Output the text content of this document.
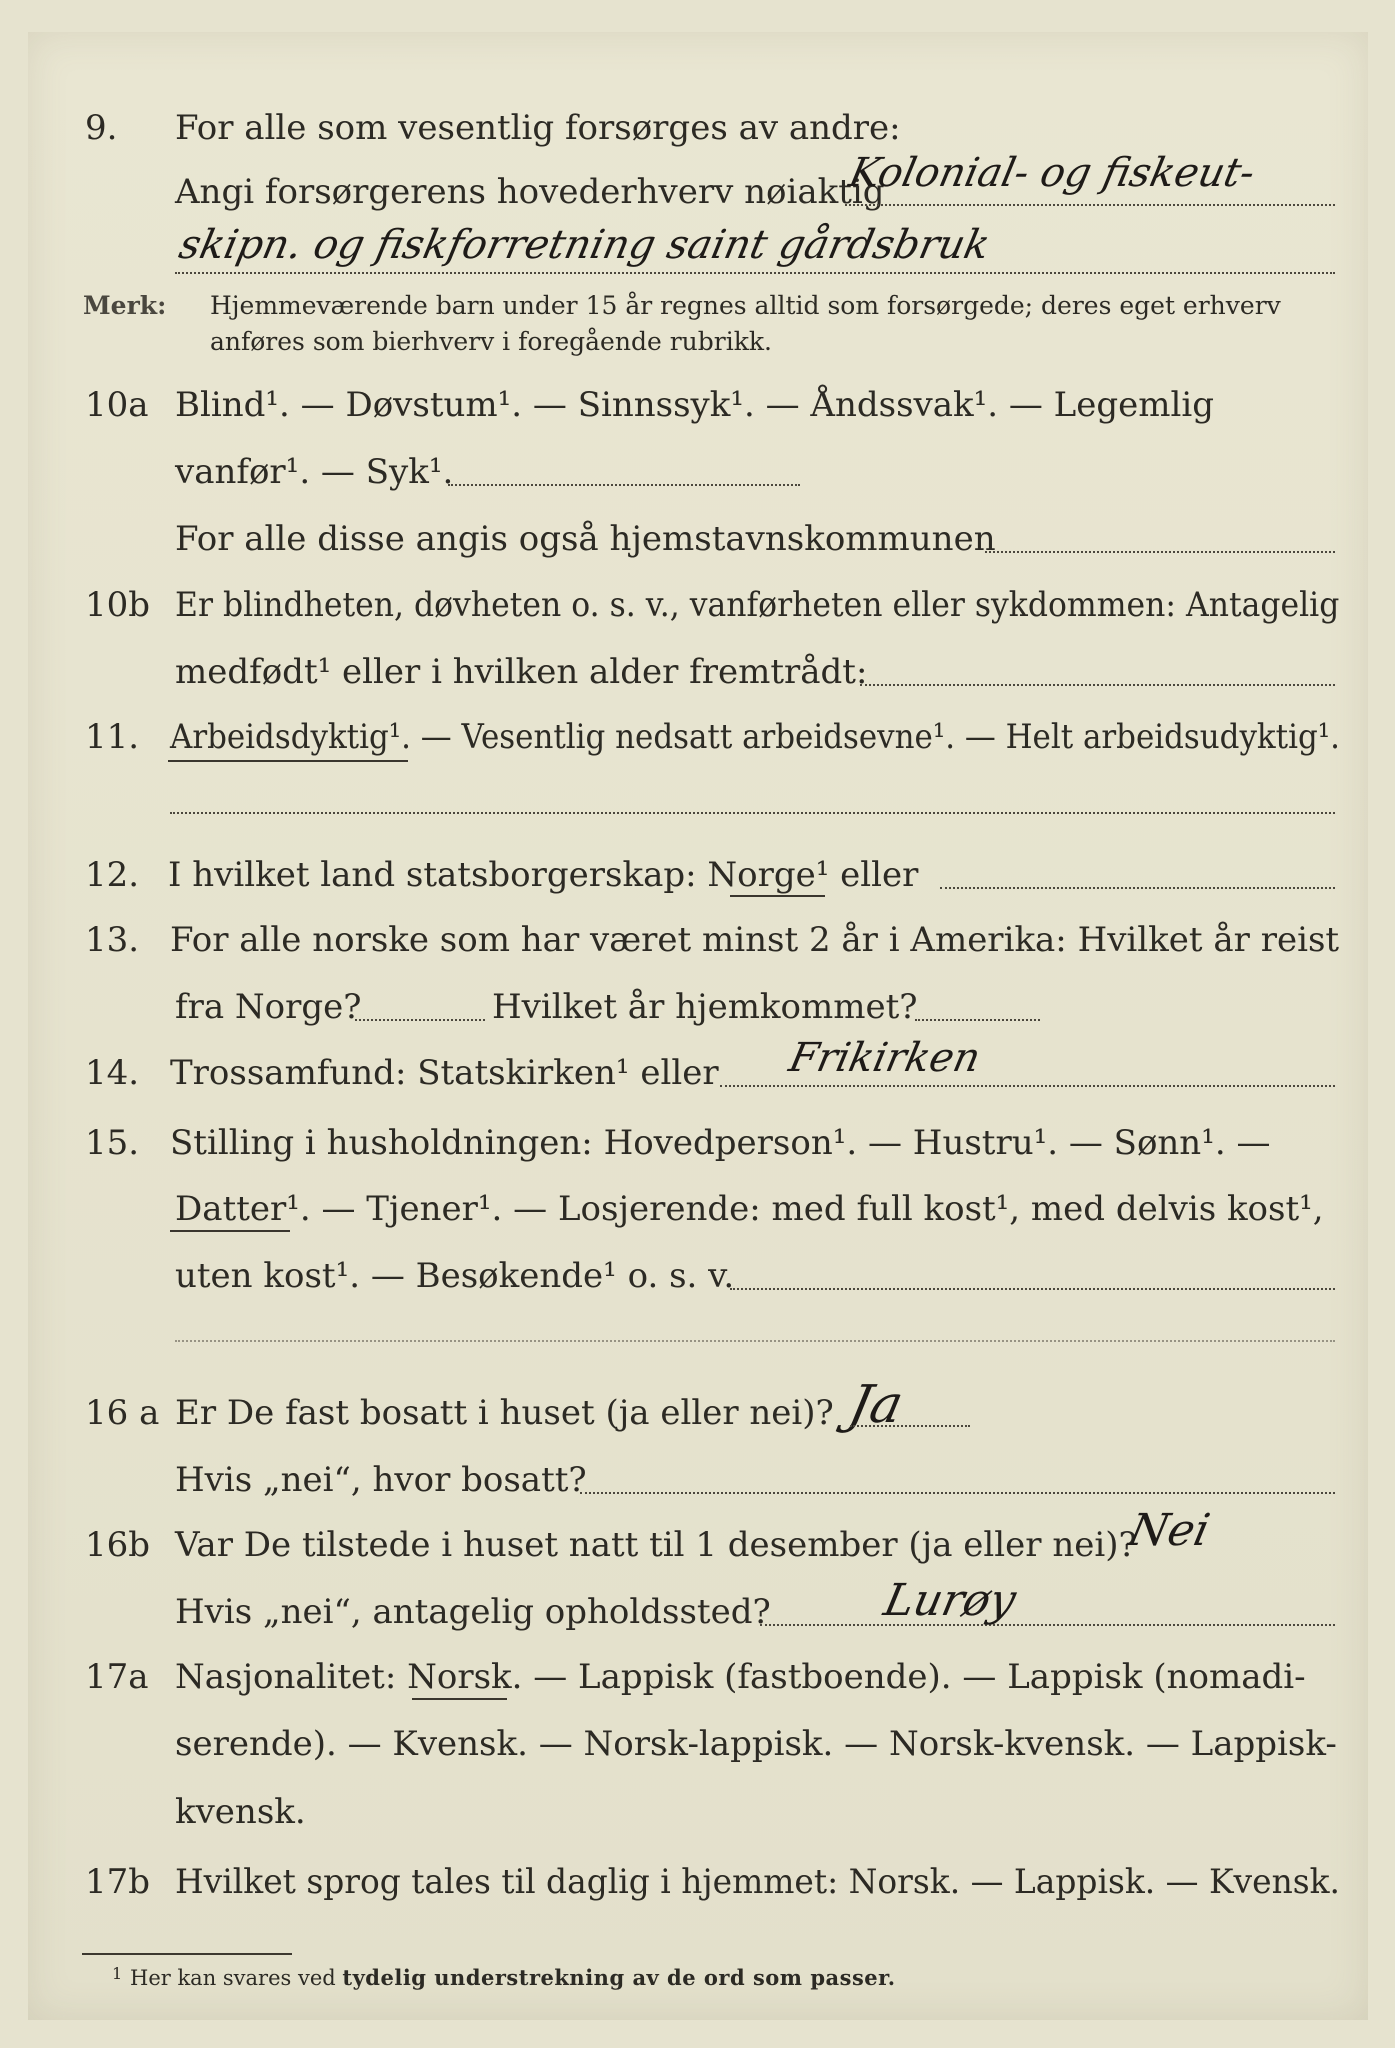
9. For alle som vesentlig forsørges av andre:
Angi forsørgerens hovederhverv nøiaktig
Kolonial- og fiskeut-
skipn. og fiskforretning saint gårdsbruk
Merk: Hjemmeværende barn under 15 år regnes alltid som forsørgede; deres eget erhverv
anføres som bierhverv i foregående rubrikk.
10a Blind¹. — Døvstum¹. — Sinnssyk¹. — Åndssvak¹. — Legemlig
vanfør¹. — Syk¹.
For alle disse angis også hjemstavnskommunen
10b Er blindheten, døvheten o. s. v., vanførheten eller sykdommen: Antagelig
medfødt¹ eller i hvilken alder fremtrådt:
11. Arbeidsdyktig¹. — Vesentlig nedsatt arbeidsevne¹. — Helt arbeidsudyktig¹.
12. I hvilket land statsborgerskap: Norge¹ eller
13. For alle norske som har været minst 2 år i Amerika: Hvilket år reist
fra Norge?	Hvilket år hjemkommet?
14. Trossamfund: Statskirken¹ eller Frikirken
15. Stilling i husholdningen: Hovedperson¹. — Hustru¹. — Sønn¹. —
Datter¹. — Tjener¹. — Losjerende: med full kost¹, med delvis kost¹,
uten kost¹. — Besøkende¹ o. s. v.
16 a Er De fast bosatt i huset (ja eller nei)? Ja
Hvis „nei“, hvor bosatt?
16b Var De tilstede i huset natt til 1 desember (ja eller nei)?
Nei
Hvis „nei“, antagelig opholdssted? Lurøy
17a Nasjonalitet: Norsk. — Lappisk (fastboende). — Lappisk (nomadi-
serende). — Kvensk. — Norsk-lappisk. — Norsk-kvensk. — Lappisk-
kvensk.
17b Hvilket sprog tales til daglig i hjemmet: Norsk. — Lappisk. — Kvensk.
1 Her kan svares ved tydelig understrekning av de ord som passer.
